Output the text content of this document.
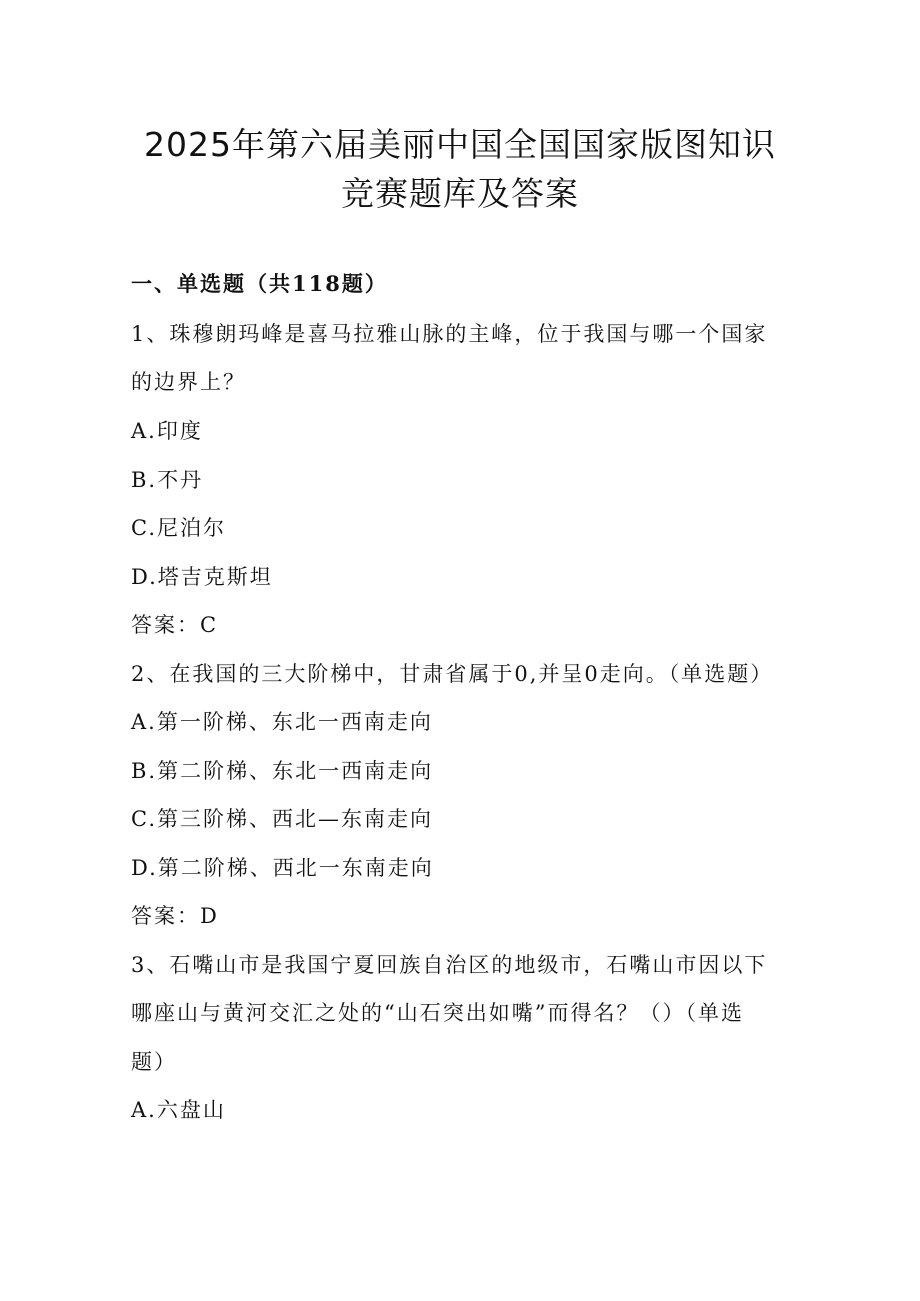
2025年第六届美丽中国全国国家版图知识
竞赛题库及答案
一、单选题（共118题）
1、珠穆朗玛峰是喜马拉雅山脉的主峰，位于我国与哪一个国家
的边界上？
A.印度
B.不丹
C.尼泊尔
D.塔吉克斯坦
答案：C
2、在我国的三大阶梯中，甘肃省属于0,并呈0走向。（单选题）
A.第一阶梯、东北一西南走向
B.第二阶梯、东北一西南走向
C.第三阶梯、西北—东南走向
D.第二阶梯、西北一东南走向
答案：D
3、石嘴山市是我国宁夏回族自治区的地级市，石嘴山市因以下
哪座山与黄河交汇之处的“山石突出如嘴”而得名？（）（单选
题）
A.六盘山
